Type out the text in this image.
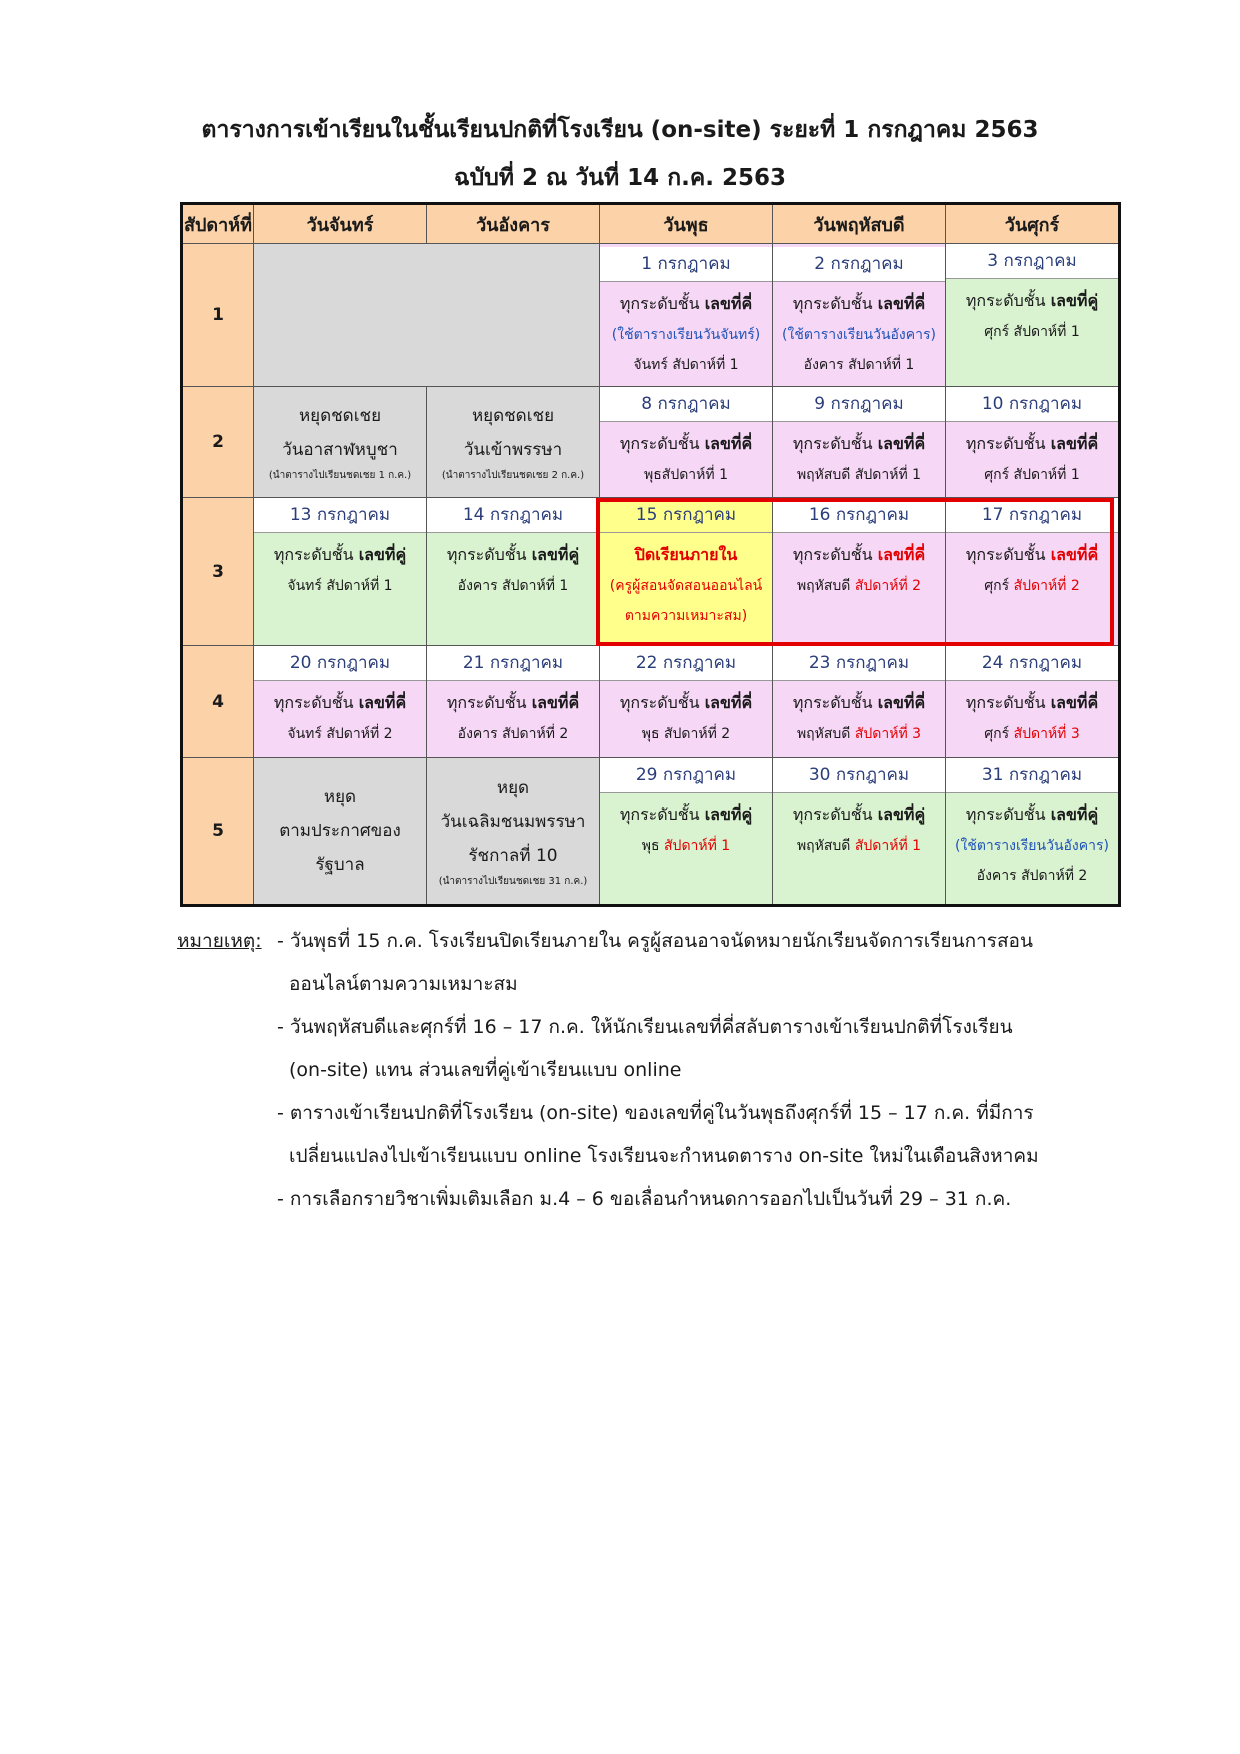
ตารางการเข้าเรียนในชั้นเรียนปกติที่โรงเรียน (on-site) ระยะที่ 1 กรกฎาคม 2563
ฉบับที่ 2 ณ วันที่ 14 ก.ค. 2563
สัปดาห์ที่	วันจันทร์	วันอังคาร	วันพุธ	วันพฤหัสบดี	วันศุกร์
1			1 กรกฎาคม
ทุกระดับชั้น เลขที่คี่
(ใช้ตารางเรียนวันจันทร์)
จันทร์ สัปดาห์ที่ 1	2 กรกฎาคม
ทุกระดับชั้น เลขที่คี่
(ใช้ตารางเรียนวันอังคาร)
อังคาร สัปดาห์ที่ 1	3 กรกฎาคม
ทุกระดับชั้น เลขที่คู่
ศุกร์ สัปดาห์ที่ 1

2	หยุดชดเชย
วันอาสาฬหบูชา
(นำตารางไปเรียนชดเชย 1 ก.ค.)	หยุดชดเชย
วันเข้าพรรษา
(นำตารางไปเรียนชดเชย 2 ก.ค.)	8 กรกฎาคม
ทุกระดับชั้น เลขที่คี่
พุธสัปดาห์ที่ 1	9 กรกฎาคม
ทุกระดับชั้น เลขที่คี่
พฤหัสบดี สัปดาห์ที่ 1	10 กรกฎาคม
ทุกระดับชั้น เลขที่คี่
ศุกร์ สัปดาห์ที่ 1

3	13 กรกฎาคม
ทุกระดับชั้น เลขที่คู่
จันทร์ สัปดาห์ที่ 1	14 กรกฎาคม
ทุกระดับชั้น เลขที่คู่
อังคาร สัปดาห์ที่ 1	15 กรกฎาคม
ปิดเรียนภายใน
(ครูผู้สอนจัดสอนออนไลน์
ตามความเหมาะสม)	16 กรกฎาคม
ทุกระดับชั้น เลขที่คี่
พฤหัสบดี สัปดาห์ที่ 2	17 กรกฎาคม
ทุกระดับชั้น เลขที่คี่
ศุกร์ สัปดาห์ที่ 2

4	20 กรกฎาคม
ทุกระดับชั้น เลขที่คี่
จันทร์ สัปดาห์ที่ 2	21 กรกฎาคม
ทุกระดับชั้น เลขที่คี่
อังคาร สัปดาห์ที่ 2	22 กรกฎาคม
ทุกระดับชั้น เลขที่คี่
พุธ สัปดาห์ที่ 2	23 กรกฎาคม
ทุกระดับชั้น เลขที่คี่
พฤหัสบดี สัปดาห์ที่ 3	24 กรกฎาคม
ทุกระดับชั้น เลขที่คี่
ศุกร์ สัปดาห์ที่ 3

5	หยุด
ตามประกาศของ
รัฐบาล	หยุด
วันเฉลิมชนมพรรษา
รัชกาลที่ 10
(นำตารางไปเรียนชดเชย 31 ก.ค.)	29 กรกฎาคม
ทุกระดับชั้น เลขที่คู่
พุธ สัปดาห์ที่ 1	30 กรกฎาคม
ทุกระดับชั้น เลขที่คู่
พฤหัสบดี สัปดาห์ที่ 1	31 กรกฎาคม
ทุกระดับชั้น เลขที่คู่
(ใช้ตารางเรียนวันอังคาร)
อังคาร สัปดาห์ที่ 2
หมายเหตุ: - วันพุธที่ 15 ก.ค. โรงเรียนปิดเรียนภายใน ครูผู้สอนอาจนัดหมายนักเรียนจัดการเรียนการสอน
ออนไลน์ตามความเหมาะสม
- วันพฤหัสบดีและศุกร์ที่ 16 – 17 ก.ค. ให้นักเรียนเลขที่คี่สลับตารางเข้าเรียนปกติที่โรงเรียน
(on-site) แทน ส่วนเลขที่คู่เข้าเรียนแบบ online
- ตารางเข้าเรียนปกติที่โรงเรียน (on-site) ของเลขที่คู่ในวันพุธถึงศุกร์ที่ 15 – 17 ก.ค. ที่มีการ
เปลี่ยนแปลงไปเข้าเรียนแบบ online โรงเรียนจะกำหนดตาราง on-site ใหม่ในเดือนสิงหาคม
- การเลือกรายวิชาเพิ่มเติมเลือก ม.4 – 6 ขอเลื่อนกำหนดการออกไปเป็นวันที่ 29 – 31 ก.ค.
